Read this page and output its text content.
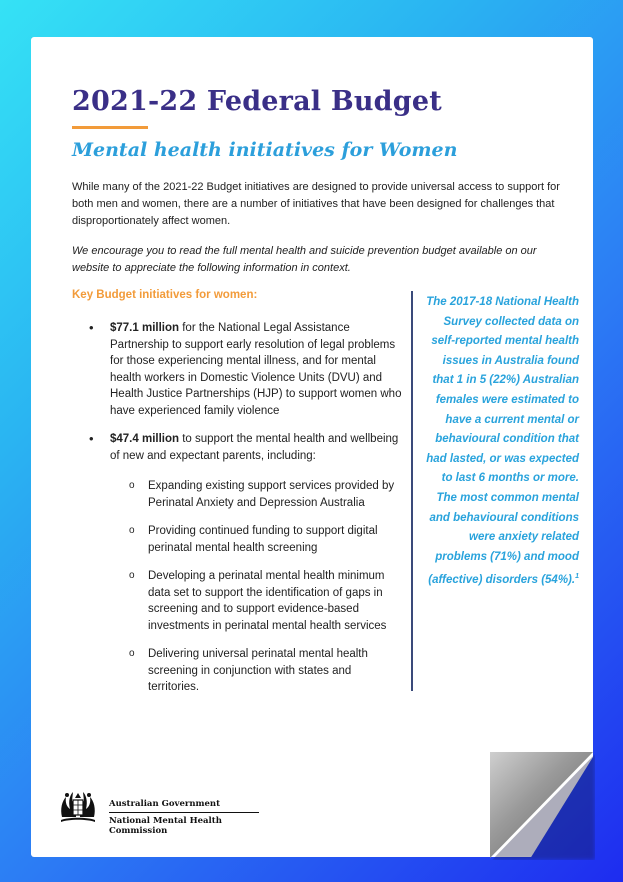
2021-22 Federal Budget
Mental health initiatives for Women

While many of the 2021-22 Budget initiatives are designed to provide universal access to support for both men and women, there are a number of initiatives that have been designed for challenges that disproportionately affect women.

We encourage you to read the full mental health and suicide prevention budget available on our website to appreciate the following information in context.

Key Budget initiatives for women:
• $77.1 million for the National Legal Assistance Partnership to support early resolution of legal problems for those experiencing mental illness, and for mental health workers in Domestic Violence Units (DVU) and Health Justice Partnerships (HJP) to support women who have experienced family violence
• $47.4 million to support the mental health and wellbeing of new and expectant parents, including:
o Expanding existing support services provided by Perinatal Anxiety and Depression Australia
o Providing continued funding to support digital perinatal mental health screening
o Developing a perinatal mental health minimum data set to support the identification of gaps in screening and to support evidence-based investments in perinatal mental health services
o Delivering universal perinatal mental health screening in conjunction with states and territories.

The 2017-18 National Health Survey collected data on self-reported mental health issues in Australia found that 1 in 5 (22%) Australian females were estimated to have a current mental or behavioural condition that had lasted, or was expected to last 6 months or more. The most common mental and behavioural conditions were anxiety related problems (71%) and mood (affective) disorders (54%).$^1$

Australian Government
National Mental Health Commission
